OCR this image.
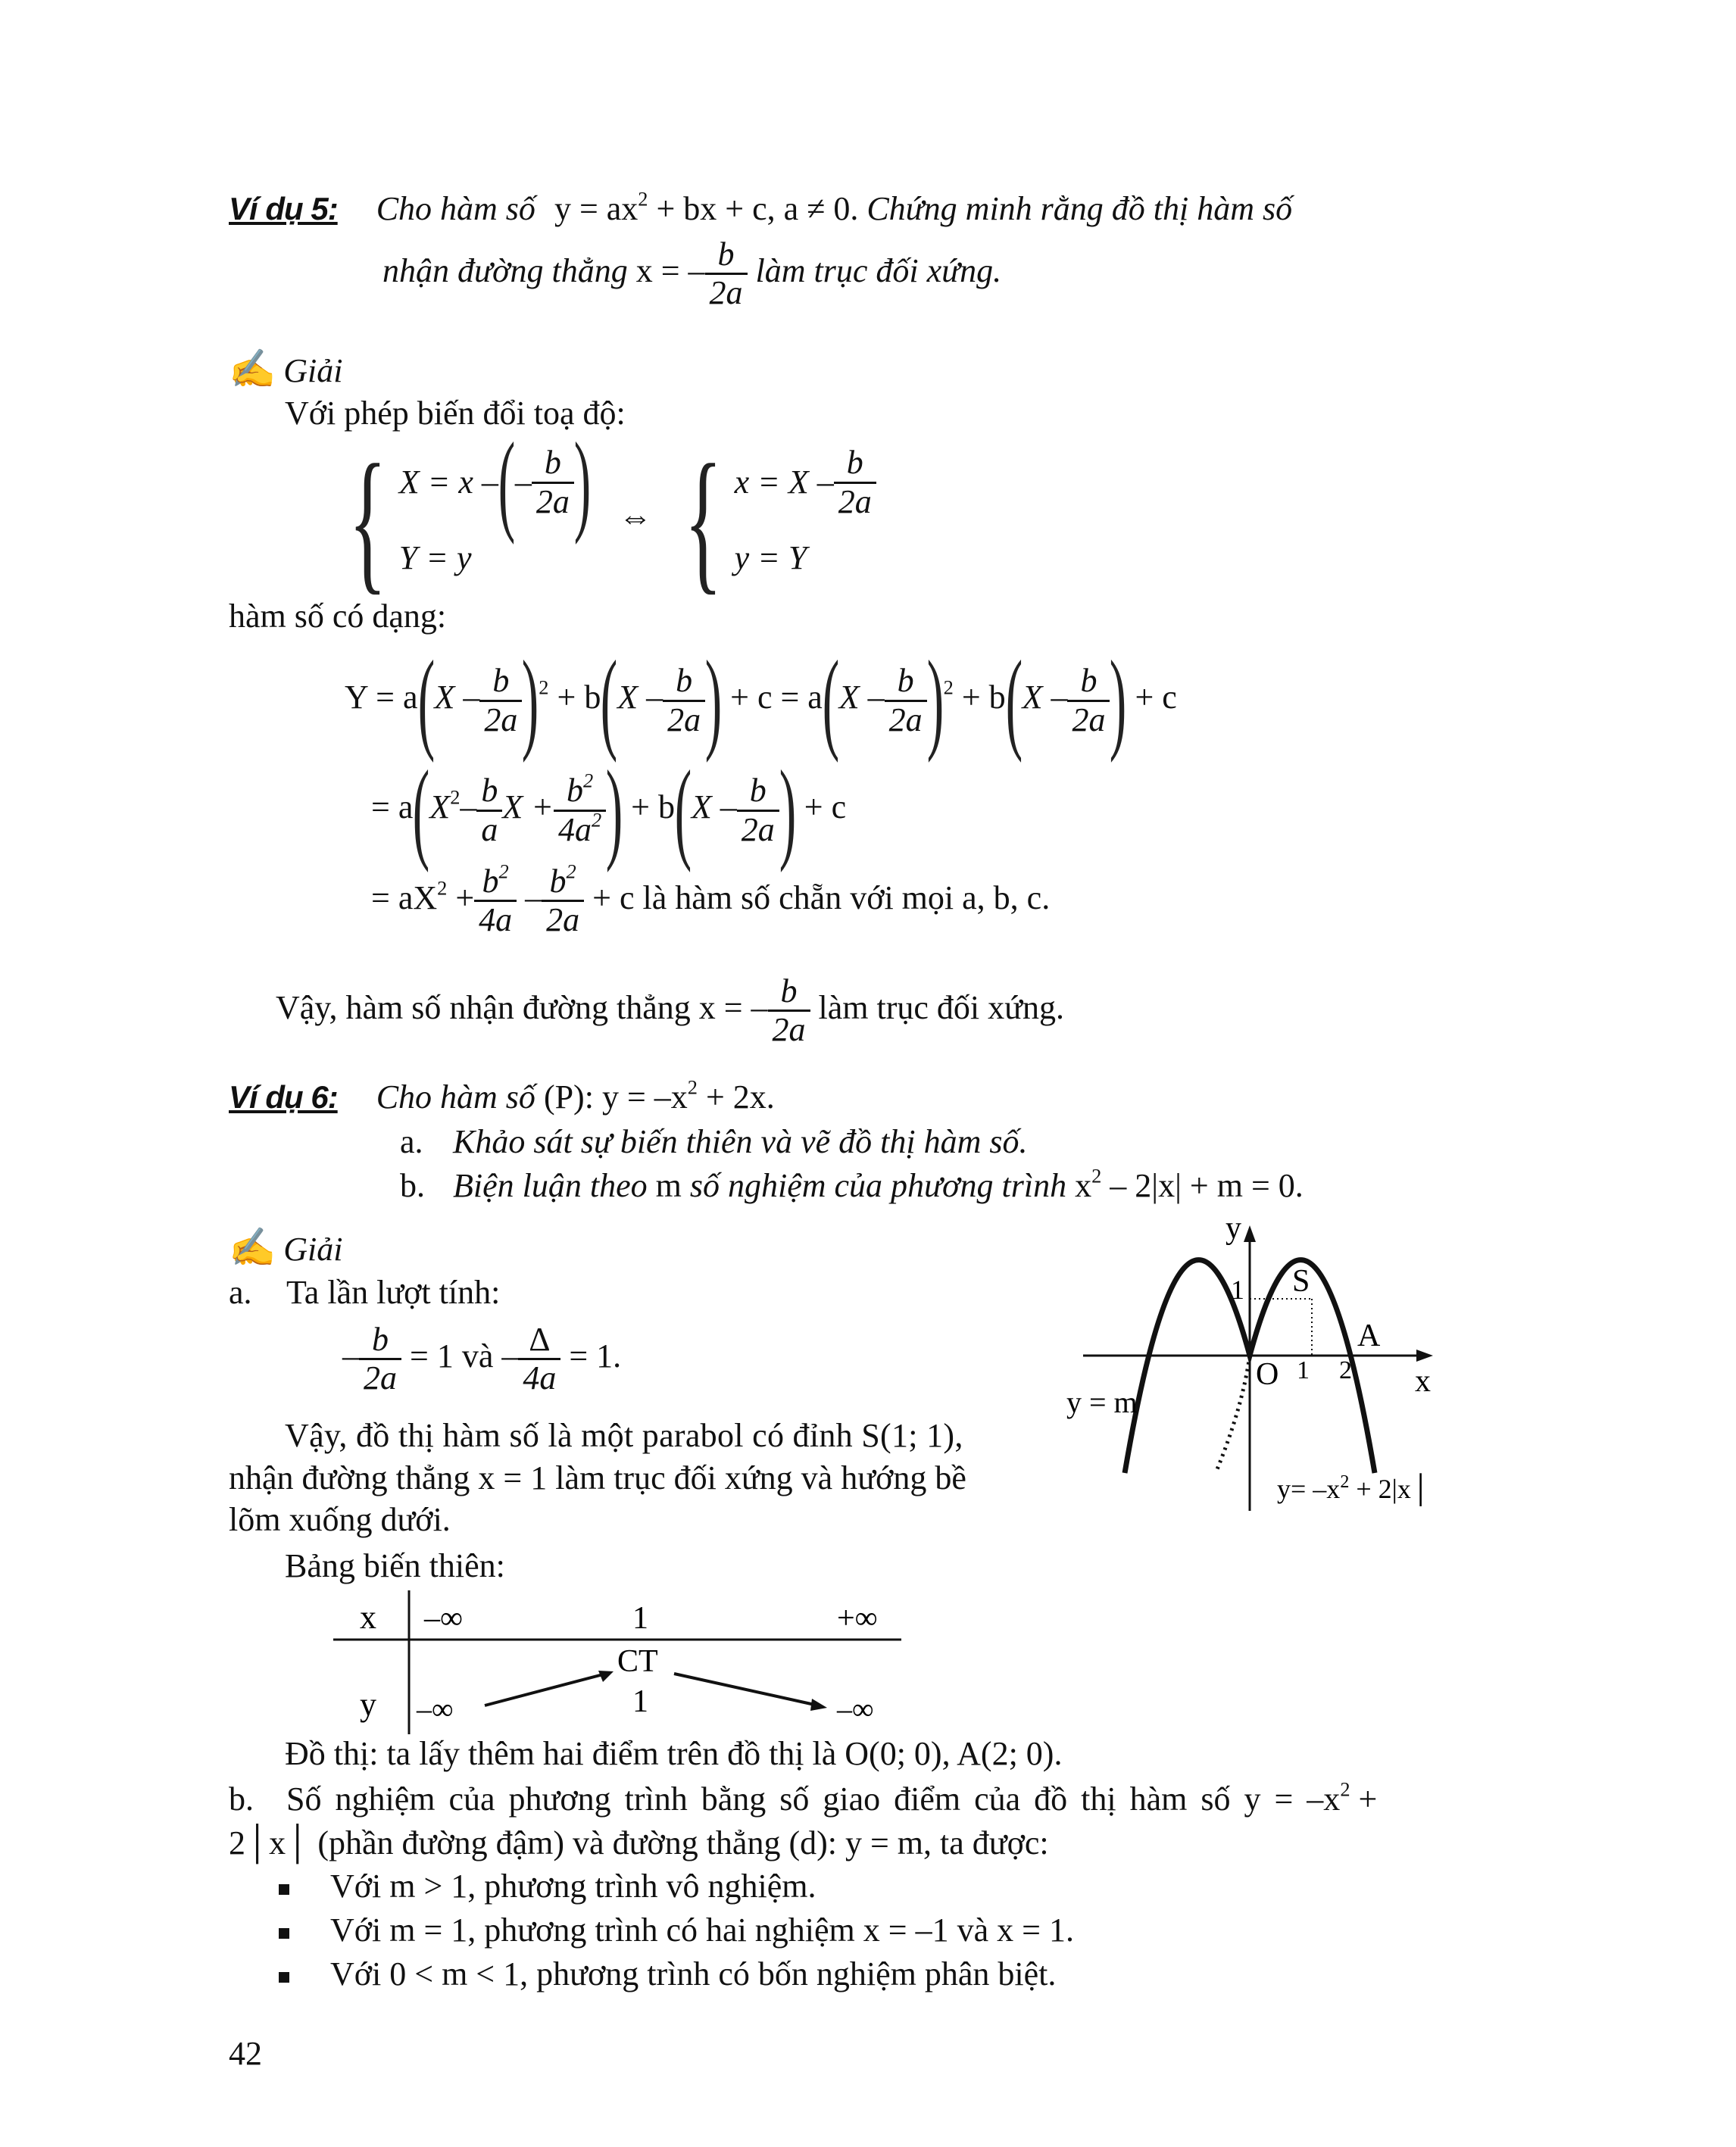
Ví dụ 5: Cho hàm số $y = ax^2$ + bx + c, a ≠ 0. Chứng minh rằng đồ thị hàm số
nhận đường thẳng x = – $\frac{b}{2a}$ làm trục đối xứng.
✍ Giải
Với phép biến đổi toạ độ:
{ X = x – ( – $\frac{b}{2a}$ )
Y = y
⇔ { $x = X - \frac{b}{2a}$
y = Y
hàm số có dạng:
$Y = a(X - \frac{b}{2a} )^2 + b(X - \frac{b}{2a}$ ) + $c = a(X - \frac{b}{2a} )^2 + b(X - \frac{b}{2a}$ ) + c
= $a(X^2- \frac{b}{a}$ $X + \frac{b^2}{4a^2}$ ) + $b(X - \frac{b}{2a}$ ) + c
= $aX^2 + \frac{b^2}{4a} - \frac{b^2}{2a} + c$ là hàm số chẵn với mọi a, b, c.
Vậy, hàm số nhận đường thẳng x = – $\frac{b}{2a}$ làm trục đối xứng.
Ví dụ 6: Cho hàm số (P): $y = -x^2 + 2x$.
a. Khảo sát sự biến thiên và vẽ đồ thị hàm số.
b. Biện luận theo m số nghiệm của phương trình $x^2 - 2|x| + m = 0$.
✍ Giải
a. Ta lần lượt tính:
– $\frac{b}{2a} = 1$ và – $\frac{\Delta}{4a} = 1$.
Vậy, đồ thị hàm số là một parabol có đỉnh S(1; 1),
nhận đường thẳng x = 1 làm trục đối xứng và hướng bề
lõm xuống dưới.
Bảng biến thiên:
x –∞	1	+∞
CT
y –∞	1	–∞
Đồ thị: ta lấy thêm hai điểm trên đồ thị là O(0; 0), A(2; 0).
b. Số nghiệm của phương trình bằng số giao điểm của đồ thị hàm số $y = -x^2$ +
2│x│ (phần đường đậm) và đường thẳng (d): y = m, ta được:
Với m > 1, phương trình vô nghiệm.
Với m = 1, phương trình có hai nghiệm x = –1 và x = 1.
Với 0 < m < 1, phương trình có bốn nghiệm phân biệt.
42
y
x
1 S
A
O 1 2
y = m
$y= -x^2$ + 2|x│
